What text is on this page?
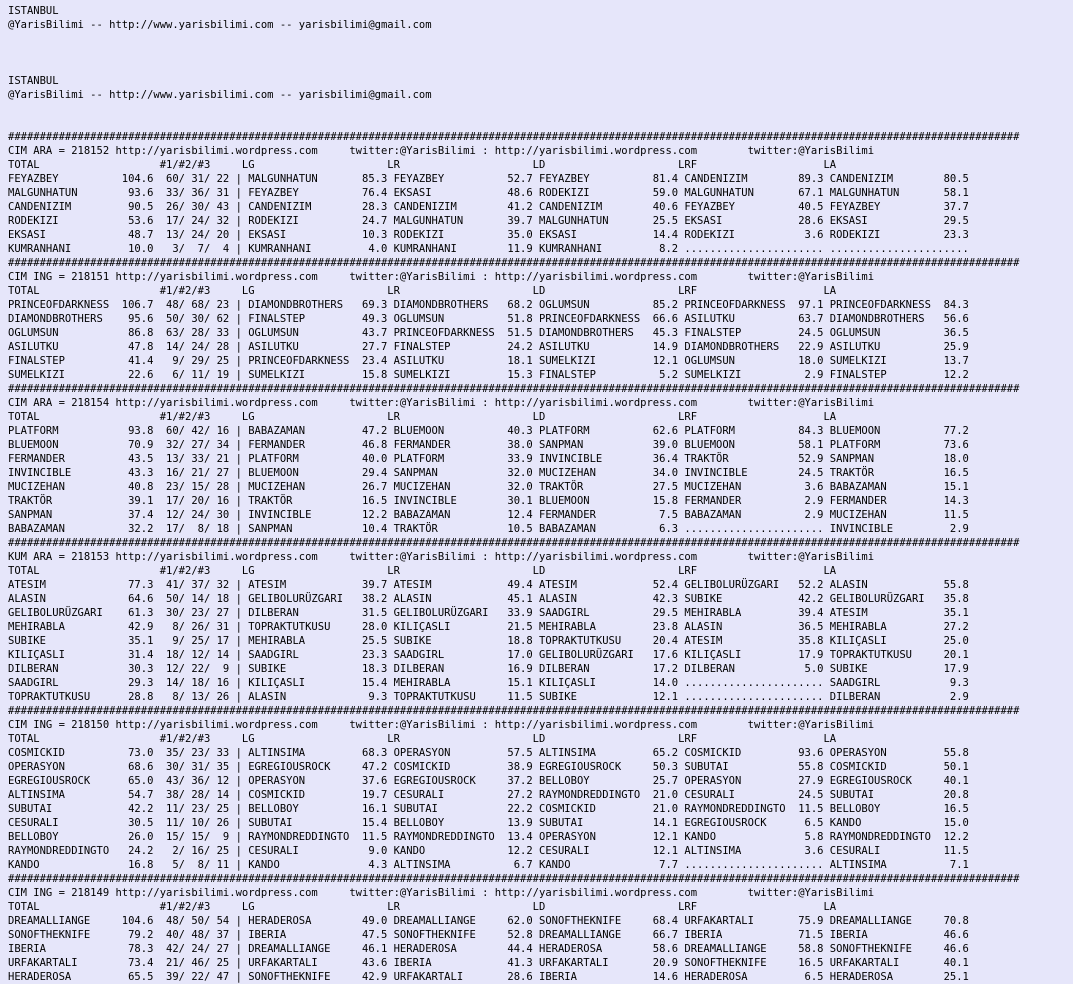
ISTANBUL
@YarisBilimi -- http://www.yarisbilimi.com -- yarisbilimi@gmail.com
ISTANBUL
@YarisBilimi -- http://www.yarisbilimi.com -- yarisbilimi@gmail.com
################################################################################################################################################################
CIM ARA = 218152 http://yarisbilimi.wordpress.com     twitter:@YarisBilimi : http://yarisbilimi.wordpress.com        twitter:@YarisBilimi
TOTAL                   #1/#2/#3     LG                     LR                     LD                     LRF                    LA
FEYAZBEY          104.6  60/ 31/ 22 | MALGUNHATUN       85.3 FEYAZBEY          52.7 FEYAZBEY          81.4 CANDENIZIM        89.3 CANDENIZIM        80.5
MALGUNHATUN        93.6  33/ 36/ 31 | FEYAZBEY          76.4 EKSASI            48.6 RODEKIZI          59.0 MALGUNHATUN       67.1 MALGUNHATUN       58.1
CANDENIZIM         90.5  26/ 30/ 43 | CANDENIZIM        28.3 CANDENIZIM        41.2 CANDENIZIM        40.6 FEYAZBEY          40.5 FEYAZBEY          37.7
RODEKIZI           53.6  17/ 24/ 32 | RODEKIZI          24.7 MALGUNHATUN       39.7 MALGUNHATUN       25.5 EKSASI            28.6 EKSASI            29.5
EKSASI             48.7  13/ 24/ 20 | EKSASI            10.3 RODEKIZI          35.0 EKSASI            14.4 RODEKIZI           3.6 RODEKIZI          23.3
KUMRANHANI         10.0   3/  7/  4 | KUMRANHANI         4.0 KUMRANHANI        11.9 KUMRANHANI         8.2 ...................... ......................
################################################################################################################################################################
CIM ING = 218151 http://yarisbilimi.wordpress.com     twitter:@YarisBilimi : http://yarisbilimi.wordpress.com        twitter:@YarisBilimi
TOTAL                   #1/#2/#3     LG                     LR                     LD                     LRF                    LA
PRINCEOFDARKNESS  106.7  48/ 68/ 23 | DIAMONDBROTHERS   69.3 DIAMONDBROTHERS   68.2 OGLUMSUN          85.2 PRINCEOFDARKNESS  97.1 PRINCEOFDARKNESS  84.3
DIAMONDBROTHERS    95.6  50/ 30/ 62 | FINALSTEP         49.3 OGLUMSUN          51.8 PRINCEOFDARKNESS  66.6 ASILUTKU          63.7 DIAMONDBROTHERS   56.6
OGLUMSUN           86.8  63/ 28/ 33 | OGLUMSUN          43.7 PRINCEOFDARKNESS  51.5 DIAMONDBROTHERS   45.3 FINALSTEP         24.5 OGLUMSUN          36.5
ASILUTKU           47.8  14/ 24/ 28 | ASILUTKU          27.7 FINALSTEP         24.2 ASILUTKU          14.9 DIAMONDBROTHERS   22.9 ASILUTKU          25.9
FINALSTEP          41.4   9/ 29/ 25 | PRINCEOFDARKNESS  23.4 ASILUTKU          18.1 SUMELKIZI         12.1 OGLUMSUN          18.0 SUMELKIZI         13.7
SUMELKIZI          22.6   6/ 11/ 19 | SUMELKIZI         15.8 SUMELKIZI         15.3 FINALSTEP          5.2 SUMELKIZI          2.9 FINALSTEP         12.2
################################################################################################################################################################
CIM ARA = 218154 http://yarisbilimi.wordpress.com     twitter:@YarisBilimi : http://yarisbilimi.wordpress.com        twitter:@YarisBilimi
TOTAL                   #1/#2/#3     LG                     LR                     LD                     LRF                    LA
PLATFORM           93.8  60/ 42/ 16 | BABAZAMAN         47.2 BLUEMOON          40.3 PLATFORM          62.6 PLATFORM          84.3 BLUEMOON          77.2
BLUEMOON           70.9  32/ 27/ 34 | FERMANDER         46.8 FERMANDER         38.0 SANPMAN           39.0 BLUEMOON          58.1 PLATFORM          73.6
FERMANDER          43.5  13/ 33/ 21 | PLATFORM          40.0 PLATFORM          33.9 INVINCIBLE        36.4 TRAKTÖR           52.9 SANPMAN           18.0
INVINCIBLE         43.3  16/ 21/ 27 | BLUEMOON          29.4 SANPMAN           32.0 MUCIZEHAN         34.0 INVINCIBLE        24.5 TRAKTÖR           16.5
MUCIZEHAN          40.8  23/ 15/ 28 | MUCIZEHAN         26.7 MUCIZEHAN         32.0 TRAKTÖR           27.5 MUCIZEHAN          3.6 BABAZAMAN         15.1
TRAKTÖR            39.1  17/ 20/ 16 | TRAKTÖR           16.5 INVINCIBLE        30.1 BLUEMOON          15.8 FERMANDER          2.9 FERMANDER         14.3
SANPMAN            37.4  12/ 24/ 30 | INVINCIBLE        12.2 BABAZAMAN         12.4 FERMANDER          7.5 BABAZAMAN          2.9 MUCIZEHAN         11.5
BABAZAMAN          32.2  17/  8/ 18 | SANPMAN           10.4 TRAKTÖR           10.5 BABAZAMAN          6.3 ...................... INVINCIBLE         2.9
################################################################################################################################################################
KUM ARA = 218153 http://yarisbilimi.wordpress.com     twitter:@YarisBilimi : http://yarisbilimi.wordpress.com        twitter:@YarisBilimi
TOTAL                   #1/#2/#3     LG                     LR                     LD                     LRF                    LA
ATESIM             77.3  41/ 37/ 32 | ATESIM            39.7 ATESIM            49.4 ATESIM            52.4 GELIBOLURÜZGARI   52.2 ALASIN            55.8
ALASIN             64.6  50/ 14/ 18 | GELIBOLURÜZGARI   38.2 ALASIN            45.1 ALASIN            42.3 SUBIKE            42.2 GELIBOLURÜZGARI   35.8
GELIBOLURÜZGARI    61.3  30/ 23/ 27 | DILBERAN          31.5 GELIBOLURÜZGARI   33.9 SAADGIRL          29.5 MEHIRABLA         39.4 ATESIM            35.1
MEHIRABLA          42.9   8/ 26/ 31 | TOPRAKTUTKUSU     28.0 KILIÇASLI         21.5 MEHIRABLA         23.8 ALASIN            36.5 MEHIRABLA         27.2
SUBIKE             35.1   9/ 25/ 17 | MEHIRABLA         25.5 SUBIKE            18.8 TOPRAKTUTKUSU     20.4 ATESIM            35.8 KILIÇASLI         25.0
KILIÇASLI          31.4  18/ 12/ 14 | SAADGIRL          23.3 SAADGIRL          17.0 GELIBOLURÜZGARI   17.6 KILIÇASLI         17.9 TOPRAKTUTKUSU     20.1
DILBERAN           30.3  12/ 22/  9 | SUBIKE            18.3 DILBERAN          16.9 DILBERAN          17.2 DILBERAN           5.0 SUBIKE            17.9
SAADGIRL           29.3  14/ 18/ 16 | KILIÇASLI         15.4 MEHIRABLA         15.1 KILIÇASLI         14.0 ...................... SAADGIRL           9.3
TOPRAKTUTKUSU      28.8   8/ 13/ 26 | ALASIN             9.3 TOPRAKTUTKUSU     11.5 SUBIKE            12.1 ...................... DILBERAN           2.9
################################################################################################################################################################
CIM ING = 218150 http://yarisbilimi.wordpress.com     twitter:@YarisBilimi : http://yarisbilimi.wordpress.com        twitter:@YarisBilimi
TOTAL                   #1/#2/#3     LG                     LR                     LD                     LRF                    LA
COSMICKID          73.0  35/ 23/ 33 | ALTINSIMA         68.3 OPERASYON         57.5 ALTINSIMA         65.2 COSMICKID         93.6 OPERASYON         55.8
OPERASYON          68.6  30/ 31/ 35 | EGREGIOUSROCK     47.2 COSMICKID         38.9 EGREGIOUSROCK     50.3 SUBUTAI           55.8 COSMICKID         50.1
EGREGIOUSROCK      65.0  43/ 36/ 12 | OPERASYON         37.6 EGREGIOUSROCK     37.2 BELLOBOY          25.7 OPERASYON         27.9 EGREGIOUSROCK     40.1
ALTINSIMA          54.7  38/ 28/ 14 | COSMICKID         19.7 CESURALI          27.2 RAYMONDREDDINGTO  21.0 CESURALI          24.5 SUBUTAI           20.8
SUBUTAI            42.2  11/ 23/ 25 | BELLOBOY          16.1 SUBUTAI           22.2 COSMICKID         21.0 RAYMONDREDDINGTO  11.5 BELLOBOY          16.5
CESURALI           30.5  11/ 10/ 26 | SUBUTAI           15.4 BELLOBOY          13.9 SUBUTAI           14.1 EGREGIOUSROCK      6.5 KANDO             15.0
BELLOBOY           26.0  15/ 15/  9 | RAYMONDREDDINGTO  11.5 RAYMONDREDDINGTO  13.4 OPERASYON         12.1 KANDO              5.8 RAYMONDREDDINGTO  12.2
RAYMONDREDDINGTO   24.2   2/ 16/ 25 | CESURALI           9.0 KANDO             12.2 CESURALI          12.1 ALTINSIMA          3.6 CESURALI          11.5
KANDO              16.8   5/  8/ 11 | KANDO              4.3 ALTINSIMA          6.7 KANDO              7.7 ...................... ALTINSIMA          7.1
################################################################################################################################################################
CIM ING = 218149 http://yarisbilimi.wordpress.com     twitter:@YarisBilimi : http://yarisbilimi.wordpress.com        twitter:@YarisBilimi
TOTAL                   #1/#2/#3     LG                     LR                     LD                     LRF                    LA
DREAMALLIANGE     104.6  48/ 50/ 54 | HERADEROSA        49.0 DREAMALLIANGE     62.0 SONOFTHEKNIFE     68.4 URFAKARTALI       75.9 DREAMALLIANGE     70.8
SONOFTHEKNIFE      79.2  40/ 48/ 37 | IBERIA            47.5 SONOFTHEKNIFE     52.8 DREAMALLIANGE     66.7 IBERIA            71.5 IBERIA            46.6
IBERIA             78.3  42/ 24/ 27 | DREAMALLIANGE     46.1 HERADEROSA        44.4 HERADEROSA        58.6 DREAMALLIANGE     58.8 SONOFTHEKNIFE     46.6
URFAKARTALI        73.4  21/ 46/ 25 | URFAKARTALI       43.6 IBERIA            41.3 URFAKARTALI       20.9 SONOFTHEKNIFE     16.5 URFAKARTALI       40.1
HERADEROSA         65.5  39/ 22/ 47 | SONOFTHEKNIFE     42.9 URFAKARTALI       28.6 IBERIA            14.6 HERADEROSA         6.5 HERADEROSA        25.1
